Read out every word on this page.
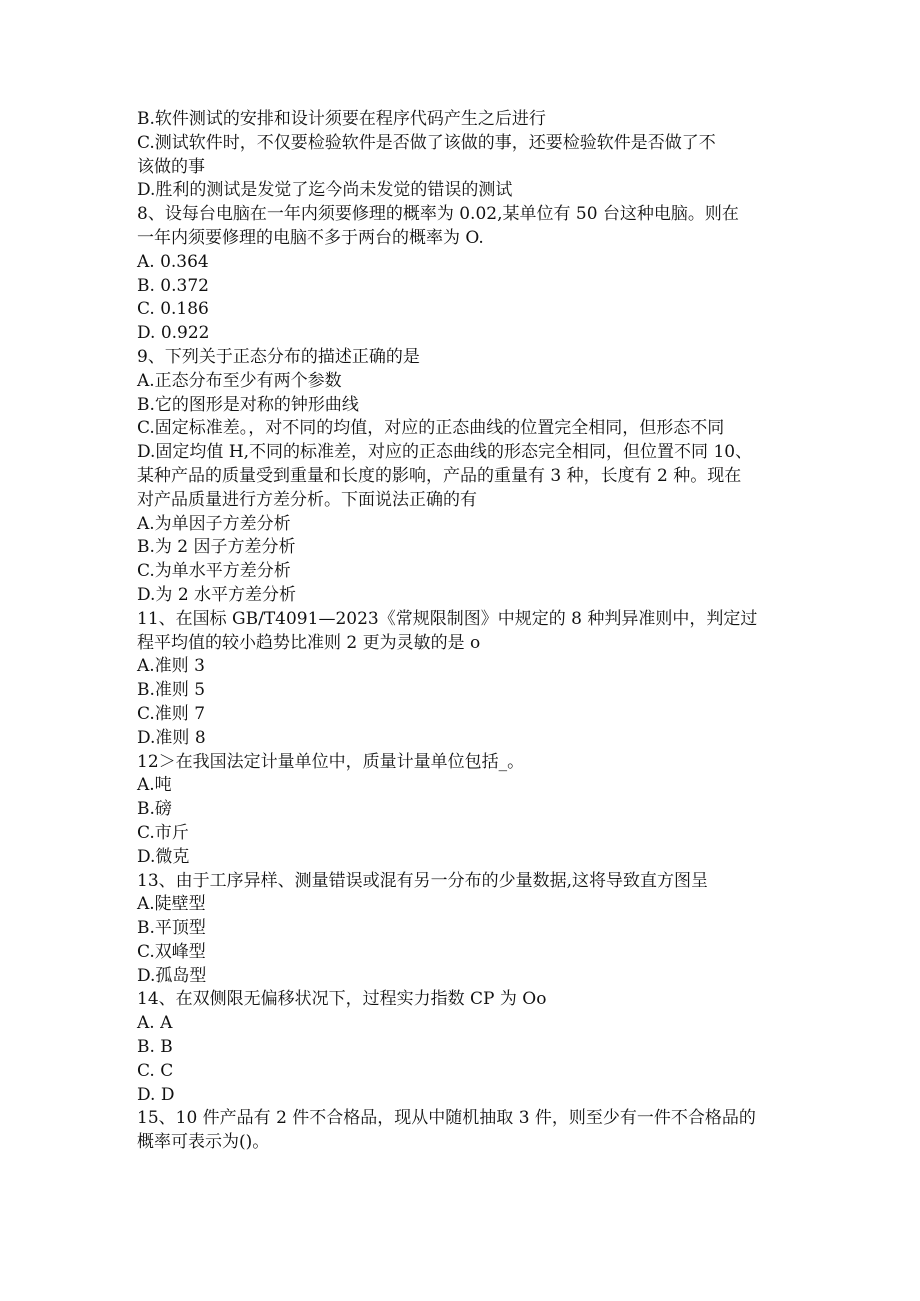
B.软件测试的安排和设计须要在程序代码产生之后进行

C.测试软件时，不仅要检验软件是否做了该做的事，还要检验软件是否做了不

该做的事

D.胜利的测试是发觉了迄今尚未发觉的错误的测试

8、设每台电脑在一年内须要修理的概率为 0.02,某单位有 50 台这种电脑。则在

一年内须要修理的电脑不多于两台的概率为 O.

A. 0.364

B. 0.372

C. 0.186

D. 0.922

9、下列关于正态分布的描述正确的是

A.正态分布至少有两个参数

B.它的图形是对称的钟形曲线

C.固定标准差。，对不同的均值，对应的正态曲线的位置完全相同，但形态不同

D.固定均值 H,不同的标准差，对应的正态曲线的形态完全相同，但位置不同 10、

某种产品的质量受到重量和长度的影响，产品的重量有 3 种，长度有 2 种。现在

对产品质量进行方差分析。下面说法正确的有

A.为单因子方差分析

B.为 2 因子方差分析

C.为单水平方差分析

D.为 2 水平方差分析

11、在国标 GB/T4091—2023《常规限制图》中规定的 8 种判异准则中，判定过

程平均值的较小趋势比准则 2 更为灵敏的是 o

A.准则 3

B.准则 5

C.准则 7

D.准则 8

12＞在我国法定计量单位中，质量计量单位包括_。

A.吨

B.磅

C.市斤

D.微克

13、由于工序异样、测量错误或混有另一分布的少量数据,这将导致直方图呈

A.陡壁型

B.平顶型

C.双峰型

D.孤岛型

14、在双侧限无偏移状况下，过程实力指数 CP 为 Oo

A. A

B. B

C. C

D. D

15、10 件产品有 2 件不合格品，现从中随机抽取 3 件，则至少有一件不合格品的

概率可表示为()。
